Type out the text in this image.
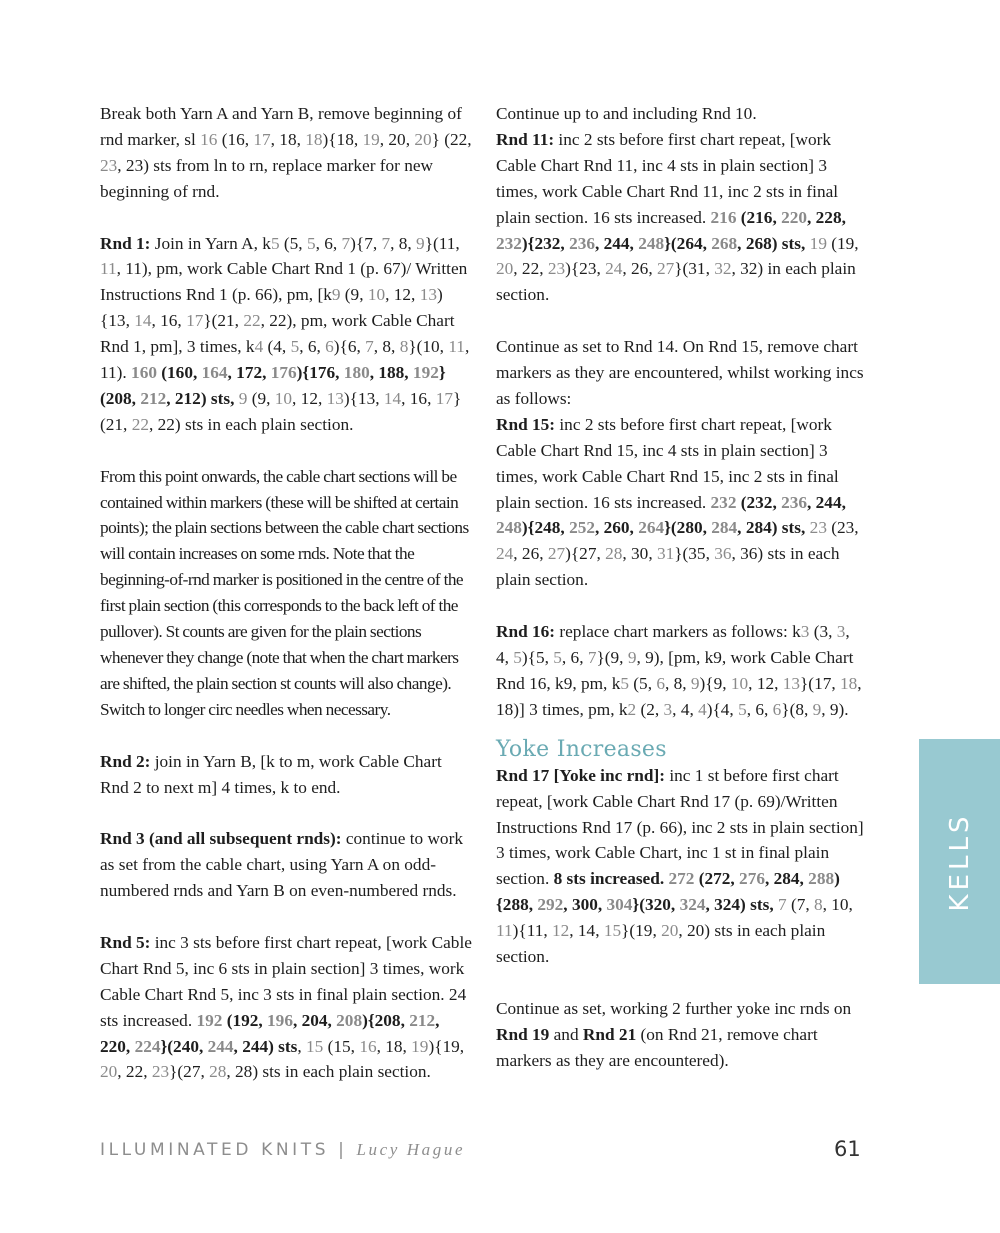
Break both Yarn A and Yarn B, remove beginning of rnd marker, sl 16 (16, 17, 18, 18){18, 19, 20, 20} (22, 23, 23) sts from ln to rn, replace marker for new beginning of rnd.

Rnd 1: Join in Yarn A, k5 (5, 5, 6, 7){7, 7, 8, 9}(11, 11, 11), pm, work Cable Chart Rnd 1 (p. 67)/ Written Instructions Rnd 1 (p. 66), pm, [k9 (9, 10, 12, 13){13, 14, 16, 17}(21, 22, 22), pm, work Cable Chart Rnd 1, pm], 3 times, k4 (4, 5, 6, 6){6, 7, 8, 8}(10, 11, 11). 160 (160, 164, 172, 176){176, 180, 188, 192}(208, 212, 212) sts, 9 (9, 10, 12, 13){13, 14, 16, 17}(21, 22, 22) sts in each plain section.

From this point onwards, the cable chart sections will be contained within markers (these will be shifted at certain points); the plain sections between the cable chart sections will contain increases on some rnds. Note that the beginning-of-rnd marker is positioned in the centre of the first plain section (this corresponds to the back left of the pullover). St counts are given for the plain sections whenever they change (note that when the chart markers are shifted, the plain section st counts will also change). Switch to longer circ needles when necessary.

Rnd 2: join in Yarn B, [k to m, work Cable Chart Rnd 2 to next m] 4 times, k to end.

Rnd 3 (and all subsequent rnds): continue to work as set from the cable chart, using Yarn A on odd-numbered rnds and Yarn B on even-numbered rnds.

Rnd 5: inc 3 sts before first chart repeat, [work Cable Chart Rnd 5, inc 6 sts in plain section] 3 times, work Cable Chart Rnd 5, inc 3 sts in final plain section. 24 sts increased. 192 (192, 196, 204, 208){208, 212, 220, 224}(240, 244, 244) sts, 15 (15, 16, 18, 19){19, 20, 22, 23}(27, 28, 28) sts in each plain section.

Continue up to and including Rnd 10.

Rnd 11: inc 2 sts before first chart repeat, [work Cable Chart Rnd 11, inc 4 sts in plain section] 3 times, work Cable Chart Rnd 11, inc 2 sts in final plain section. 16 sts increased. 216 (216, 220, 228, 232){232, 236, 244, 248}(264, 268, 268) sts, 19 (19, 20, 22, 23){23, 24, 26, 27}(31, 32, 32) in each plain section.

Continue as set to Rnd 14. On Rnd 15, remove chart markers as they are encountered, whilst working incs as follows:

Rnd 15: inc 2 sts before first chart repeat, [work Cable Chart Rnd 15, inc 4 sts in plain section] 3 times, work Cable Chart Rnd 15, inc 2 sts in final plain section. 16 sts increased. 232 (232, 236, 244, 248){248, 252, 260, 264}(280, 284, 284) sts, 23 (23, 24, 26, 27){27, 28, 30, 31}(35, 36, 36) sts in each plain section.

Rnd 16: replace chart markers as follows: k3 (3, 3, 4, 5){5, 5, 6, 7}(9, 9, 9), [pm, k9, work Cable Chart Rnd 16, k9, pm, k5 (5, 6, 8, 9){9, 10, 12, 13}(17, 18, 18)] 3 times, pm, k2 (2, 3, 4, 4){4, 5, 6, 6}(8, 9, 9).

Yoke Increases

Rnd 17 [Yoke inc rnd]: inc 1 st before first chart repeat, [work Cable Chart Rnd 17 (p. 69)/Written Instructions Rnd 17 (p. 66), inc 2 sts in plain section] 3 times, work Cable Chart, inc 1 st in final plain section. 8 sts increased. 272 (272, 276, 284, 288){288, 292, 300, 304}(320, 324, 324) sts, 7 (7, 8, 10, 11){11, 12, 14, 15}(19, 20, 20) sts in each plain section.

Continue as set, working 2 further yoke inc rnds on Rnd 19 and Rnd 21 (on Rnd 21, remove chart markers as they are encountered).

KELLS
ILLUMINATED KNITS | Lucy Hague	61
